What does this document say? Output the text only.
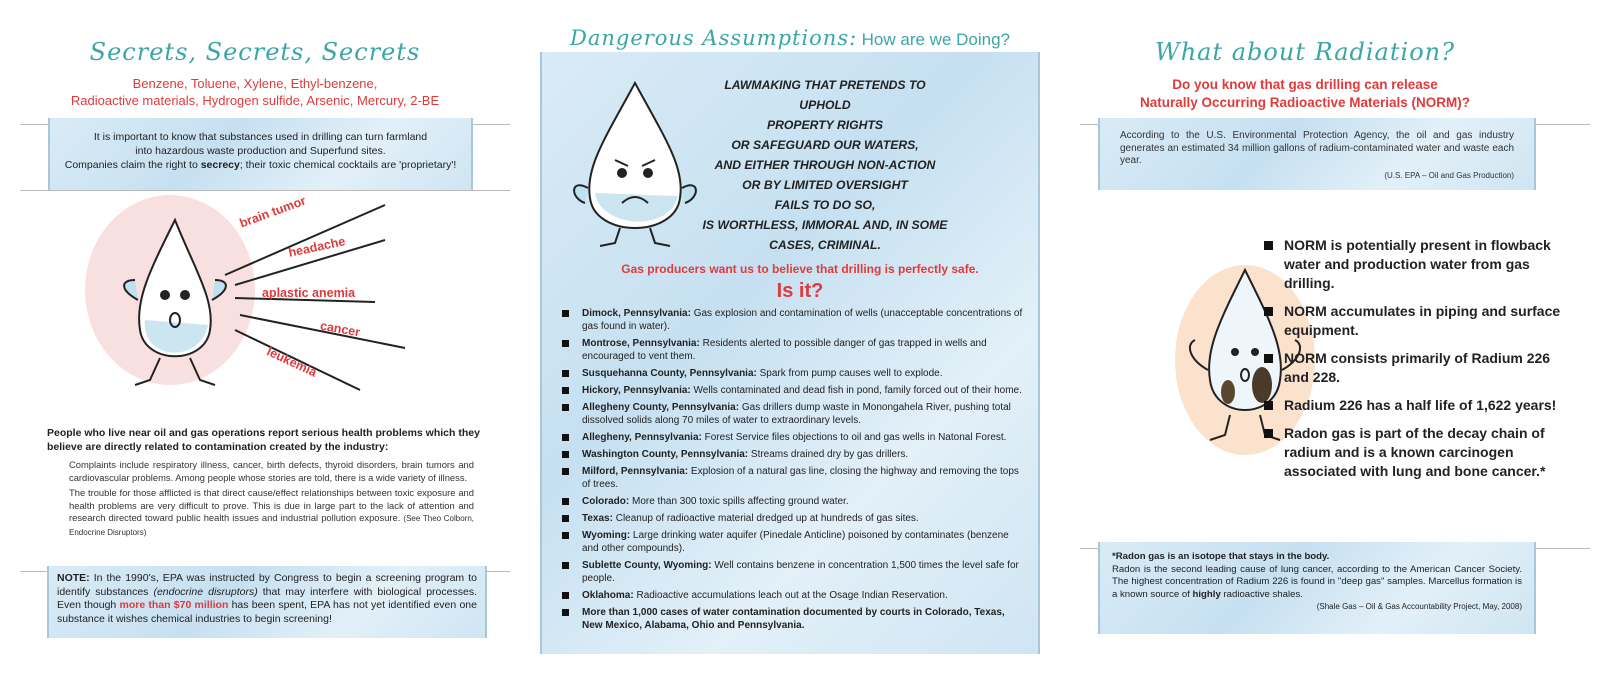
Secrets, Secrets, Secrets
Benzene, Toluene, Xylene, Ethyl-benzene,
Radioactive materials, Hydrogen sulfide, Arsenic, Mercury, 2-BE
It is important to know that substances used in drilling can turn farmland
into hazardous waste production and Superfund sites.
Companies claim the right to secrecy; their toxic chemical cocktails are 'proprietary'!
brain tumor
headache
aplastic anemia
cancer
leukemia
People who live near oil and gas operations report serious health problems which they believe are directly related to contamination created by the industry:

Complaints include respiratory illness, cancer, birth defects, thyroid disorders, brain tumors and cardiovascular problems. Among people whose stories are told, there is a wide variety of illness.

The trouble for those afflicted is that direct cause/effect relationships between toxic exposure and health problems are very difficult to prove. This is due in large part to the lack of attention and research directed toward public health issues and industrial pollution exposure. (See Theo Colborn, Endocrine Disruptors)

NOTE: In the 1990's, EPA was instructed by Congress to begin a screening program to identify substances (endocrine disruptors) that may interfere with biological processes. Even though more than $70 million has been spent, EPA has not yet identified even one substance it wishes chemical industries to begin screening!
Dangerous Assumptions: How are we Doing?
LAWMAKING THAT PRETENDS TO UPHOLD
PROPERTY RIGHTS
OR SAFEGUARD OUR WATERS,
AND EITHER THROUGH NON-ACTION
OR BY LIMITED OVERSIGHT
FAILS TO DO SO,
IS WORTHLESS, IMMORAL AND, IN SOME
CASES, CRIMINAL.
Gas producers want us to believe that drilling is perfectly safe.
Is it?
Dimock, Pennsylvania: Gas explosion and contamination of wells (unacceptable concentrations of gas found in water).
Montrose, Pennsylvania: Residents alerted to possible danger of gas trapped in wells and encouraged to vent them.
Susquehanna County, Pennsylvania: Spark from pump causes well to explode.
Hickory, Pennsylvania: Wells contaminated and dead fish in pond, family forced out of their home.
Allegheny County, Pennsylvania: Gas drillers dump waste in Monongahela River, pushing total dissolved solids along 70 miles of water to extraordinary levels.
Allegheny, Pennsylvania: Forest Service files objections to oil and gas wells in Natonal Forest.
Washington County, Pennsylvania: Streams drained dry by gas drillers.
Milford, Pennsylvania: Explosion of a natural gas line, closing the highway and removing the tops of trees.
Colorado: More than 300 toxic spills affecting ground water.
Texas: Cleanup of radioactive material dredged up at hundreds of gas sites.
Wyoming: Large drinking water aquifer (Pinedale Anticline) poisoned by contaminates (benzene and other compounds).
Sublette County, Wyoming: Well contains benzene in concentration 1,500 times the level safe for people.
Oklahoma: Radioactive accumulations leach out at the Osage Indian Reservation.
More than 1,000 cases of water contamination documented by courts in Colorado, Texas, New Mexico, Alabama, Ohio and Pennsylvania.
What about Radiation?
Do you know that gas drilling can release
Naturally Occurring Radioactive Materials (NORM)?
According to the U.S. Environmental Protection Agency, the oil and gas industry generates an estimated 34 million gallons of radium-contaminated water and waste each year.
(U.S. EPA – Oil and Gas Production)
NORM is potentially present in flowback water and production water from gas drilling.
NORM accumulates in piping and surface equipment.
NORM consists primarily of Radium 226 and 228.
Radium 226 has a half life of 1,622 years!
Radon gas is part of the decay chain of radium and is a known carcinogen associated with lung and bone cancer.*
*Radon gas is an isotope that stays in the body.
Radon is the second leading cause of lung cancer, according to the American Cancer Society. The highest concentration of Radium 226 is found in "deep gas" samples. Marcellus formation is a known source of highly radioactive shales.
(Shale Gas – Oil & Gas Accountability Project, May, 2008)
